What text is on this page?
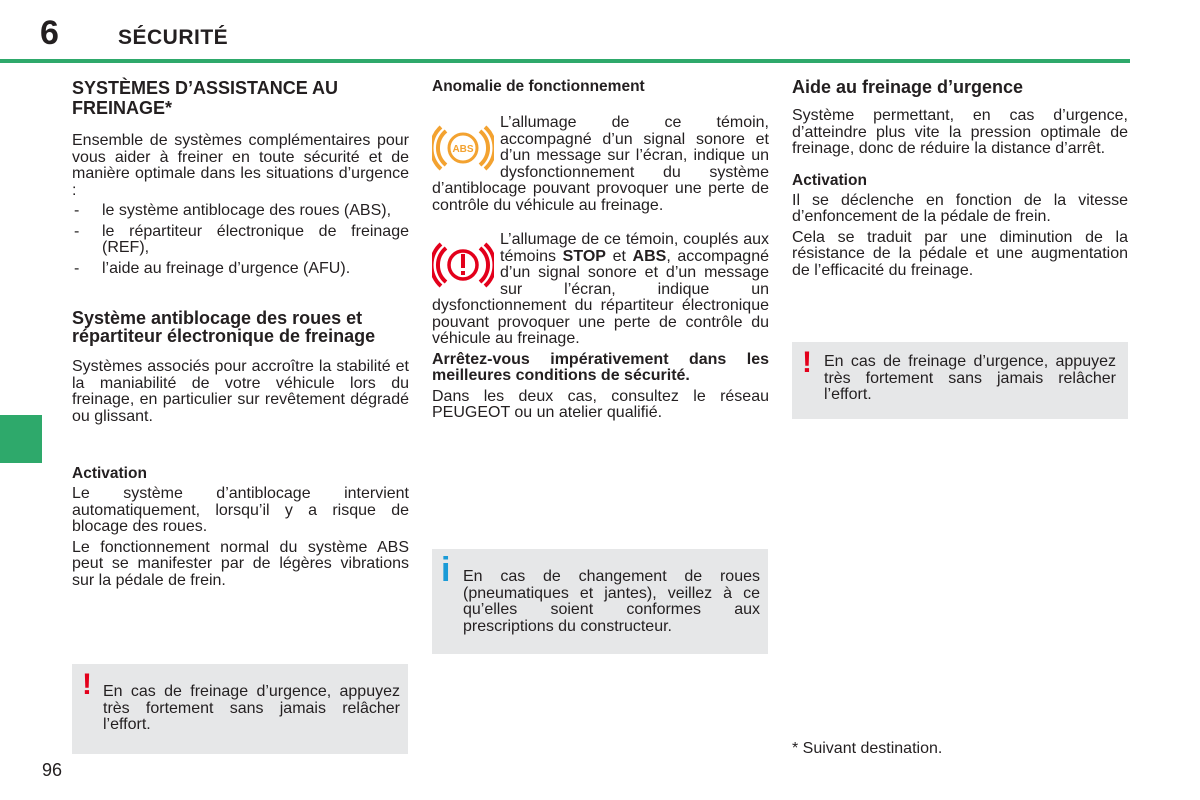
6	SÉCURITÉ
SYSTÈMES D’ASSISTANCE AU FREINAGE*

Ensemble de systèmes complémentaires pour vous aider à freiner en toute sécurité et de manière optimale dans les situations d’urgence :

- le système antiblocage des roues (ABS),
- le répartiteur électronique de freinage (REF),
- l’aide au freinage d’urgence (AFU).
Système antiblocage des roues et répartiteur électronique de freinage

Systèmes associés pour accroître la stabilité et la maniabilité de votre véhicule lors du freinage, en particulier sur revêtement dégradé ou glissant.

Activation

Le système d’antiblocage intervient automatiquement, lorsqu’il y a risque de blocage des roues.

Le fonctionnement normal du système ABS peut se manifester par de légères vibrations sur la pédale de frein.

! En cas de freinage d’urgence, appuyez très fortement sans jamais relâcher l’effort.
Anomalie de fonctionnement
ABS

L’allumage de ce témoin, accompagné d’un signal sonore et d’un message sur l’écran, indique un dysfonctionnement du système d’antiblocage pouvant provoquer une perte de contrôle du véhicule au freinage.

L’allumage de ce témoin, couplés aux témoins STOP et ABS, accompagné d’un signal sonore et d’un message sur l’écran, indique un dysfonctionnement du répartiteur électronique pouvant provoquer une perte de contrôle du véhicule au freinage.

Arrêtez-vous impérativement dans les meilleures conditions de sécurité.

Dans les deux cas, consultez le réseau PEUGEOT ou un atelier qualifié.

i En cas de changement de roues (pneumatiques et jantes), veillez à ce qu’elles soient conformes aux prescriptions du constructeur.
Aide au freinage d’urgence

Système permettant, en cas d’urgence, d’atteindre plus vite la pression optimale de freinage, donc de réduire la distance d’arrêt.

Activation

Il se déclenche en fonction de la vitesse d’enfoncement de la pédale de frein.

Cela se traduit par une diminution de la résistance de la pédale et une augmentation de l’efficacité du freinage.

! En cas de freinage d’urgence, appuyez très fortement sans jamais relâcher l’effort.
* Suivant destination.
96
